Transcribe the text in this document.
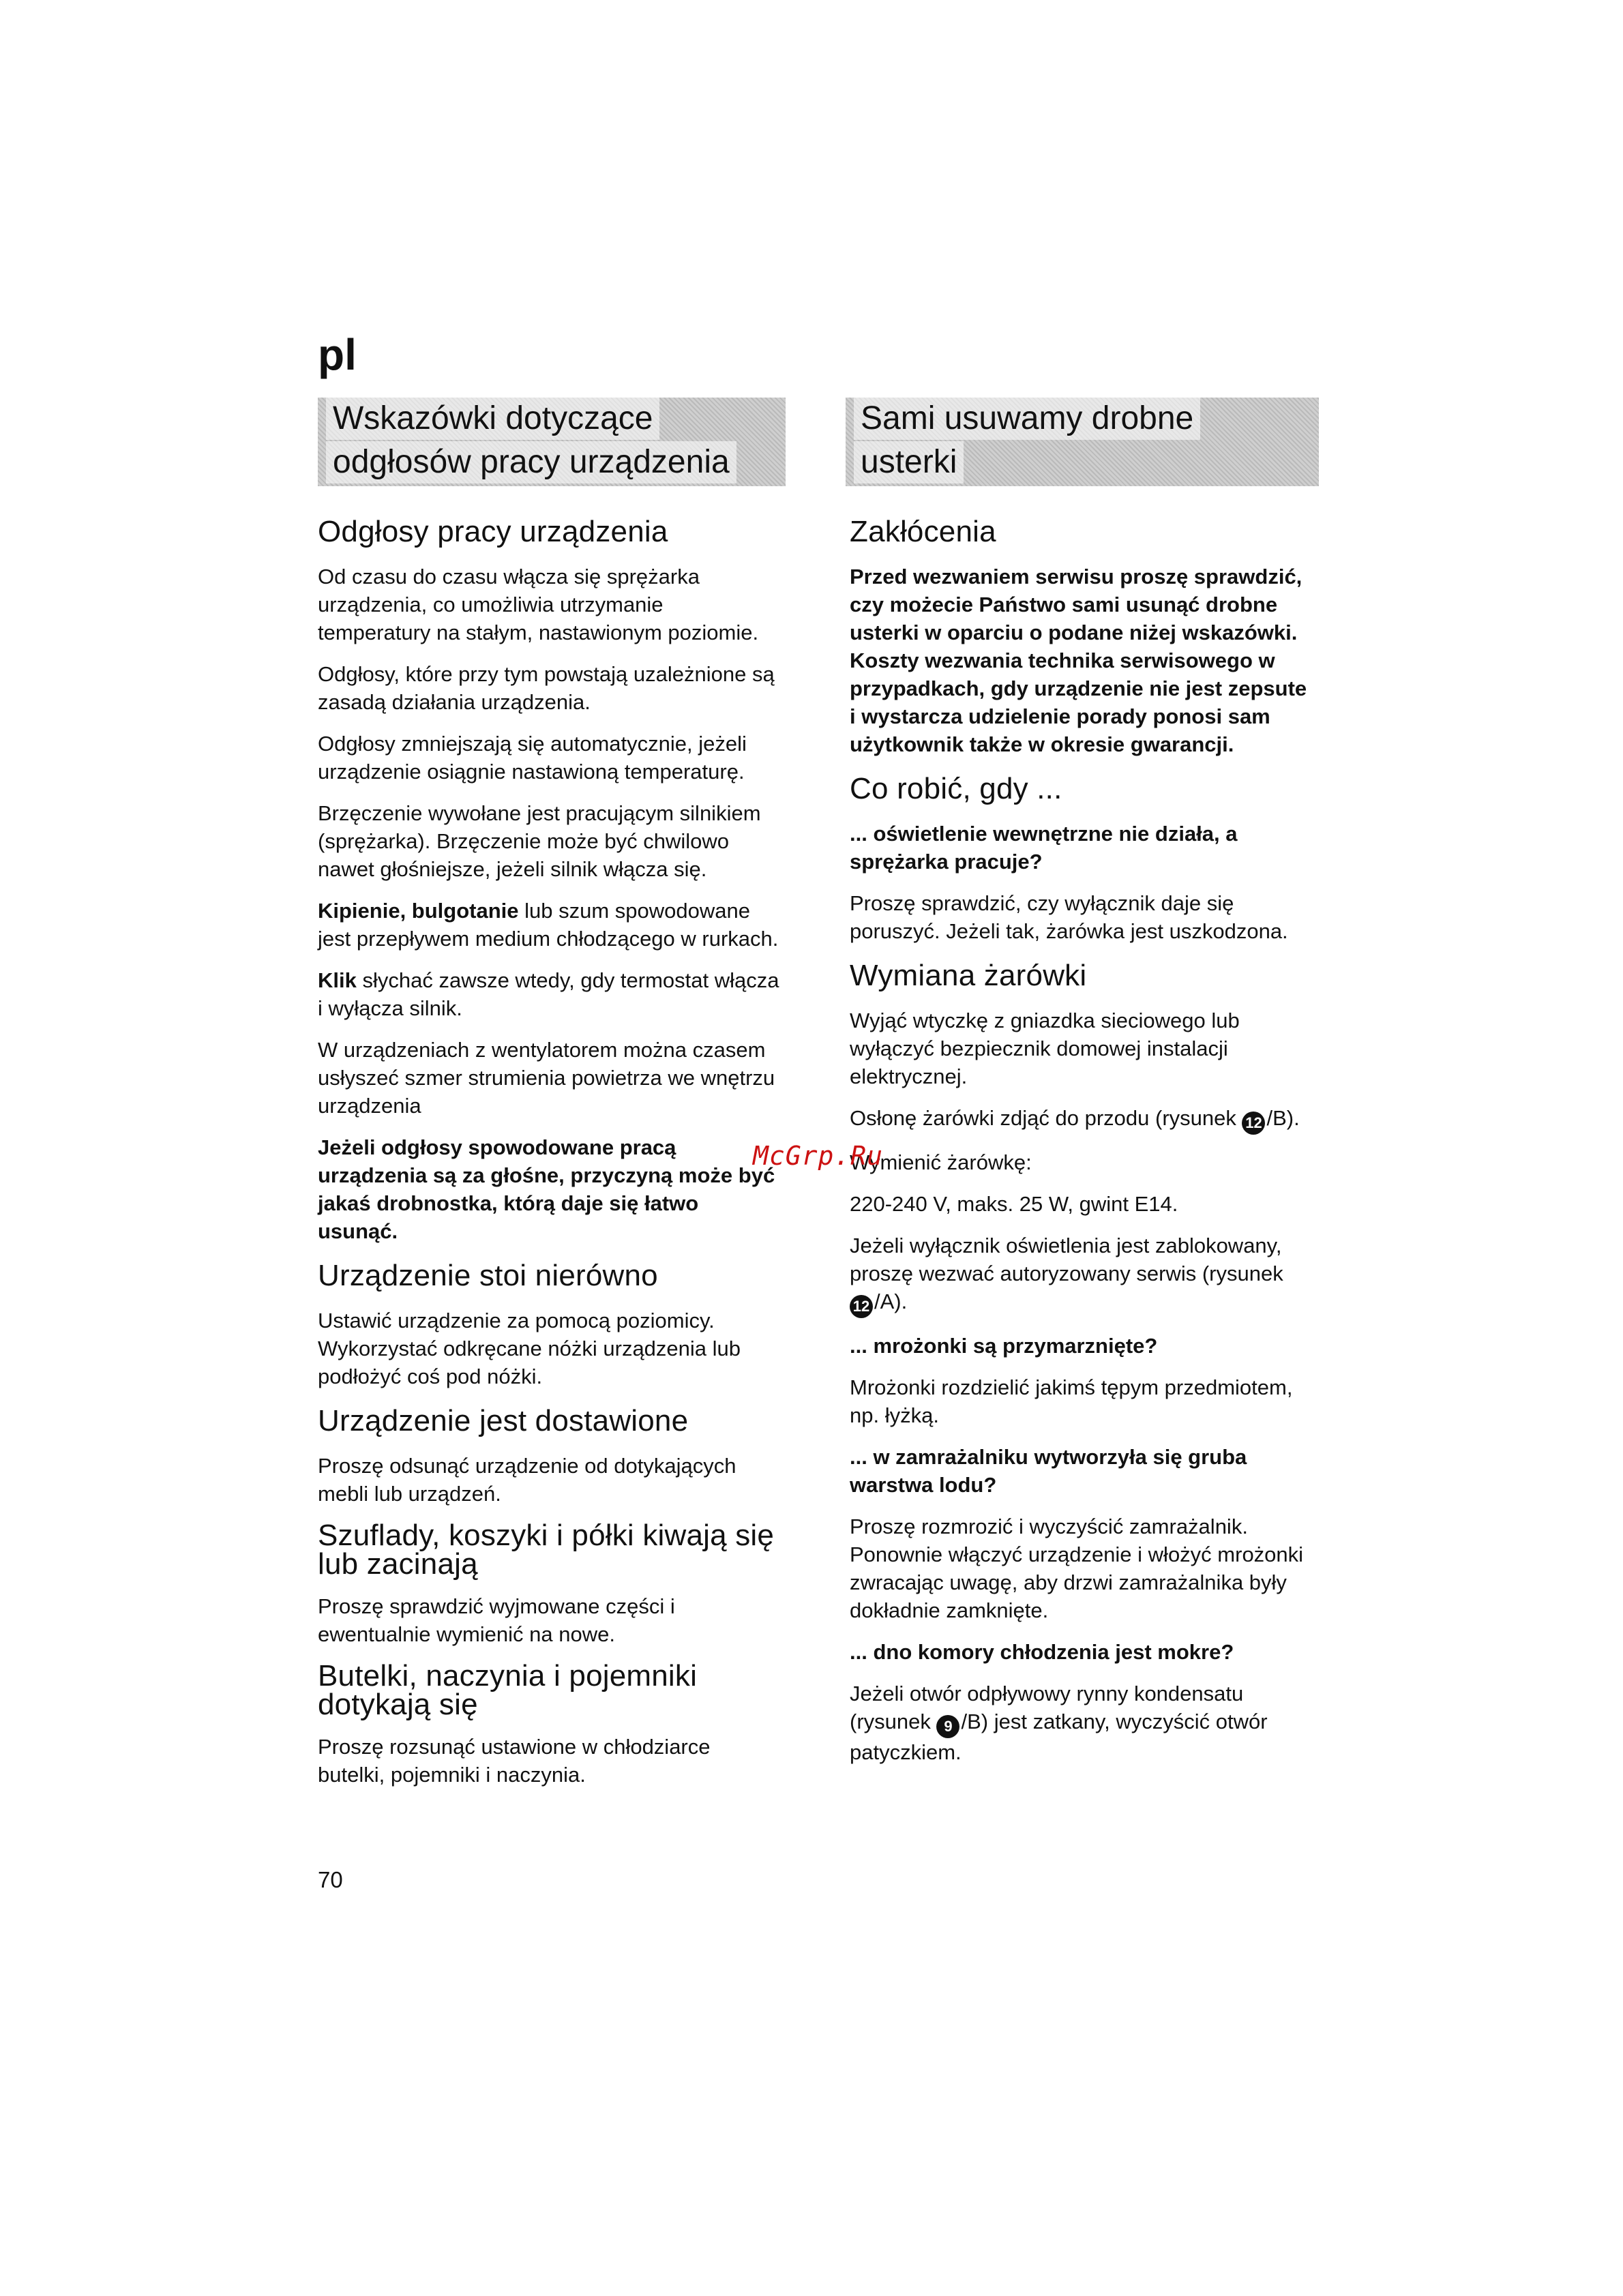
pl
Wskazówki dotyczące
odgłosów pracy urządzenia
Sami usuwamy drobne
usterki
Odgłosy pracy urządzenia

Od czasu do czasu włącza się sprężarka urządzenia, co umożliwia utrzymanie temperatury na stałym, nastawionym poziomie.

Odgłosy, które przy tym powstają uzależnione są zasadą działania urządzenia.

Odgłosy zmniejszają się automatycznie, jeżeli urządzenie osiągnie nastawioną temperaturę.

Brzęczenie wywołane jest pracującym silnikiem (sprężarka). Brzęczenie może być chwilowo nawet głośniejsze, jeżeli silnik włącza się.

Kipienie, bulgotanie lub szum spowodowane jest przepływem medium chłodzącego w rurkach.

Klik słychać zawsze wtedy, gdy termostat włącza i wyłącza silnik.

W urządzeniach z wentylatorem można czasem usłyszeć szmer strumienia powietrza we wnętrzu urządzenia

Jeżeli odgłosy spowodowane pracą urządzenia są za głośne, przyczyną może być jakaś drobnostka, którą daje się łatwo usunąć.

Urządzenie stoi nierówno

Ustawić urządzenie za pomocą poziomicy. Wykorzystać odkręcane nóżki urządzenia lub podłożyć coś pod nóżki.

Urządzenie jest dostawione

Proszę odsunąć urządzenie od dotykających mebli lub urządzeń.

Szuflady, koszyki i półki kiwają się lub zacinają

Proszę sprawdzić wyjmowane części i ewentualnie wymienić na nowe.

Butelki, naczynia i pojemniki dotykają się

Proszę rozsunąć ustawione w chłodziarce butelki, pojemniki i naczynia.

Zakłócenia

Przed wezwaniem serwisu proszę sprawdzić, czy możecie Państwo sami usunąć drobne usterki w oparciu o podane niżej wskazówki. Koszty wezwania technika serwisowego w przypadkach, gdy urządzenie nie jest zepsute i wystarcza udzielenie porady ponosi sam użytkownik także w okresie gwarancji.

Co robić, gdy ...

... oświetlenie wewnętrzne nie działa, a sprężarka pracuje?

Proszę sprawdzić, czy wyłącznik daje się poruszyć. Jeżeli tak, żarówka jest uszkodzona.

Wymiana żarówki

Wyjąć wtyczkę z gniazdka sieciowego lub wyłączyć bezpiecznik domowej instalacji elektrycznej.

Osłonę żarówki zdjąć do przodu (rysunek 12 /B).

Wymienić żarówkę:

220-240 V, maks. 25 W, gwint E14.

Jeżeli wyłącznik oświetlenia jest zablokowany, proszę wezwać autoryzowany serwis (rysunek 12 /A).

... mrożonki są przymarznięte?

Mrożonki rozdzielić jakimś tępym przedmiotem, np. łyżką.

... w zamrażalniku wytworzyła się gruba warstwa lodu?

Proszę rozmrozić i wyczyścić zamrażalnik. Ponownie włączyć urządzenie i włożyć mrożonki zwracając uwagę, aby drzwi zamrażalnika były dokładnie zamknięte.

... dno komory chłodzenia jest mokre?

Jeżeli otwór odpływowy rynny kondensatu (rysunek 9 /B) jest zatkany, wyczyścić otwór patyczkiem.

McGrp.Ru
70
